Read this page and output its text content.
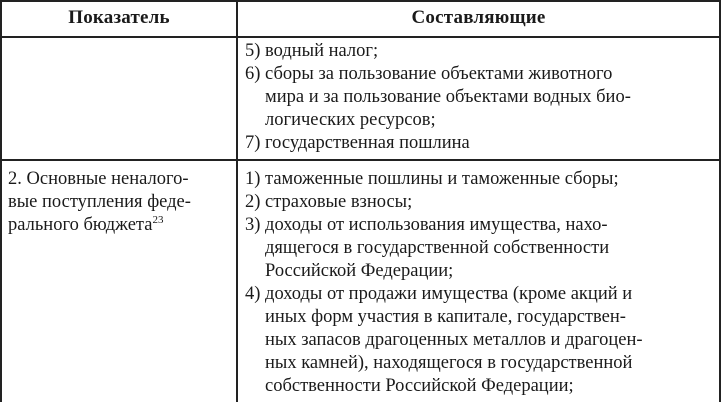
Показатель	Составляющие
5) водный налог;
6) сборы за пользование объектами животного
мира и за пользование объектами водных био-
логических ресурсов;
7) государственная пошлина
2. Основные неналого-
вые поступления феде-
рального бюджета$^{23}$
1) таможенные пошлины и таможенные сборы;
2) страховые взносы;
3) доходы от использования имущества, нахо-
дящегося в государственной собственности
Российской Федерации;
4) доходы от продажи имущества (кроме акций и
иных форм участия в капитале, государствен-
ных запасов драгоценных металлов и драгоцен-
ных камней), находящегося в государственной
собственности Российской Федерации;
